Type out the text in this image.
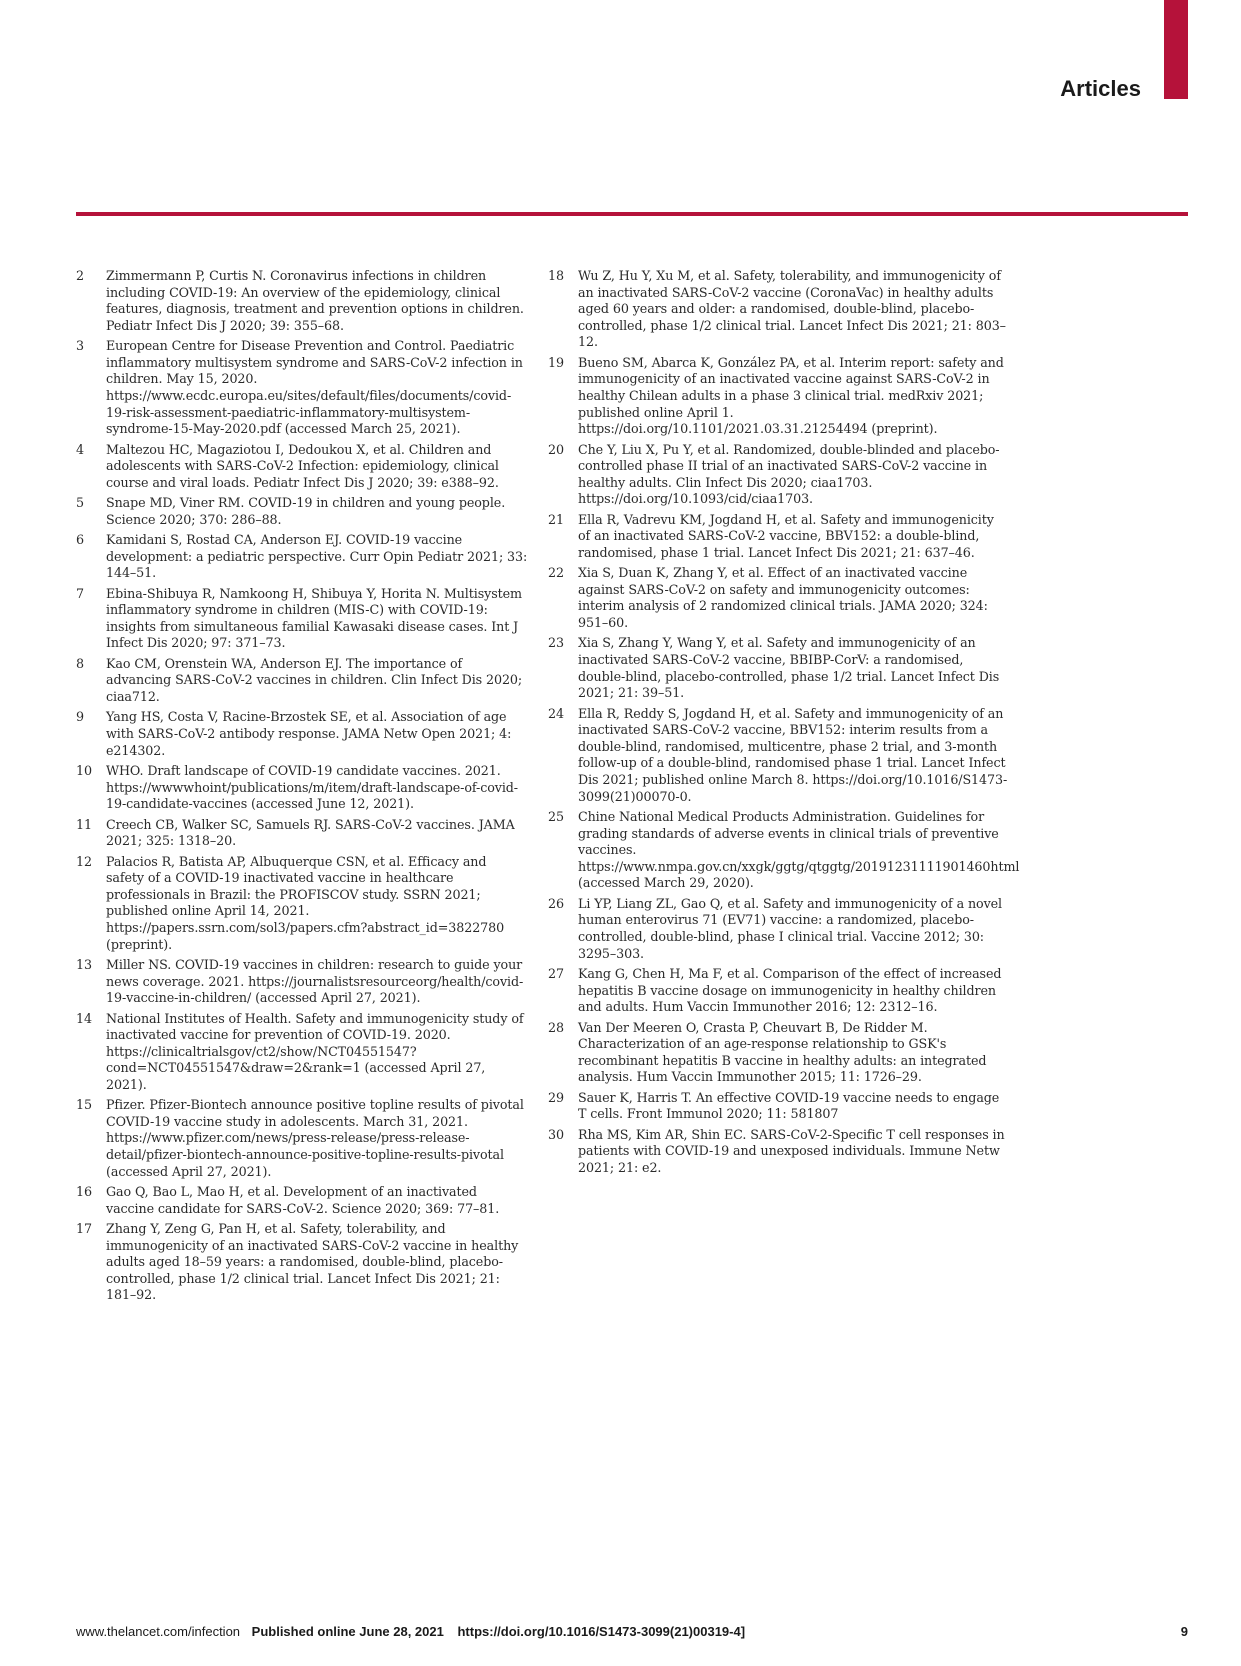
Articles
2 Zimmermann P, Curtis N. Coronavirus infections in children including COVID-19: An overview of the epidemiology, clinical features, diagnosis, treatment and prevention options in children. Pediatr Infect Dis J 2020; 39: 355–68.
3 European Centre for Disease Prevention and Control. Paediatric inflammatory multisystem syndrome and SARS-CoV-2 infection in children. May 15, 2020. https://www.ecdc.europa.eu/sites/default/files/documents/covid-19-risk-assessment-paediatric-inflammatory-multisystem-syndrome-15-May-2020.pdf (accessed March 25, 2021).
4 Maltezou HC, Magaziotou I, Dedoukou X, et al. Children and adolescents with SARS-CoV-2 Infection: epidemiology, clinical course and viral loads. Pediatr Infect Dis J 2020; 39: e388–92.
5 Snape MD, Viner RM. COVID-19 in children and young people. Science 2020; 370: 286–88.
6 Kamidani S, Rostad CA, Anderson EJ. COVID-19 vaccine development: a pediatric perspective. Curr Opin Pediatr 2021; 33: 144–51.
7 Ebina-Shibuya R, Namkoong H, Shibuya Y, Horita N. Multisystem inflammatory syndrome in children (MIS-C) with COVID-19: insights from simultaneous familial Kawasaki disease cases. Int J Infect Dis 2020; 97: 371–73.
8 Kao CM, Orenstein WA, Anderson EJ. The importance of advancing SARS-CoV-2 vaccines in children. Clin Infect Dis 2020; ciaa712.
9 Yang HS, Costa V, Racine-Brzostek SE, et al. Association of age with SARS-CoV-2 antibody response. JAMA Netw Open 2021; 4: e214302.
10 WHO. Draft landscape of COVID-19 candidate vaccines. 2021. https://wwwwhoint/publications/m/item/draft-landscape-of-covid-19-candidate-vaccines (accessed June 12, 2021).
11 Creech CB, Walker SC, Samuels RJ. SARS-CoV-2 vaccines. JAMA 2021; 325: 1318–20.
12 Palacios R, Batista AP, Albuquerque CSN, et al. Efficacy and safety of a COVID-19 inactivated vaccine in healthcare professionals in Brazil: the PROFISCOV study. SSRN 2021; published online April 14, 2021. https://papers.ssrn.com/sol3/papers.cfm?abstract_id=3822780 (preprint).
13 Miller NS. COVID-19 vaccines in children: research to guide your news coverage. 2021. https://journalistsresourceorg/health/covid-19-vaccine-in-children/ (accessed April 27, 2021).
14 National Institutes of Health. Safety and immunogenicity study of inactivated vaccine for prevention of COVID-19. 2020. https://clinicaltrialsgov/ct2/show/NCT04551547?cond=NCT04551547&draw=2&rank=1 (accessed April 27, 2021).
15 Pfizer. Pfizer-Biontech announce positive topline results of pivotal COVID-19 vaccine study in adolescents. March 31, 2021. https://www.pfizer.com/news/press-release/press-release-detail/pfizer-biontech-announce-positive-topline-results-pivotal (accessed April 27, 2021).
16 Gao Q, Bao L, Mao H, et al. Development of an inactivated vaccine candidate for SARS-CoV-2. Science 2020; 369: 77–81.
17 Zhang Y, Zeng G, Pan H, et al. Safety, tolerability, and immunogenicity of an inactivated SARS-CoV-2 vaccine in healthy adults aged 18–59 years: a randomised, double-blind, placebo-controlled, phase 1/2 clinical trial. Lancet Infect Dis 2021; 21: 181–92.
18 Wu Z, Hu Y, Xu M, et al. Safety, tolerability, and immunogenicity of an inactivated SARS-CoV-2 vaccine (CoronaVac) in healthy adults aged 60 years and older: a randomised, double-blind, placebo-controlled, phase 1/2 clinical trial. Lancet Infect Dis 2021; 21: 803–12.
19 Bueno SM, Abarca K, González PA, et al. Interim report: safety and immunogenicity of an inactivated vaccine against SARS-CoV-2 in healthy Chilean adults in a phase 3 clinical trial. medRxiv 2021; published online April 1. https://doi.org/10.1101/2021.03.31.21254494 (preprint).
20 Che Y, Liu X, Pu Y, et al. Randomized, double-blinded and placebo-controlled phase II trial of an inactivated SARS-CoV-2 vaccine in healthy adults. Clin Infect Dis 2020; ciaa1703. https://doi.org/10.1093/cid/ciaa1703.
21 Ella R, Vadrevu KM, Jogdand H, et al. Safety and immunogenicity of an inactivated SARS-CoV-2 vaccine, BBV152: a double-blind, randomised, phase 1 trial. Lancet Infect Dis 2021; 21: 637–46.
22 Xia S, Duan K, Zhang Y, et al. Effect of an inactivated vaccine against SARS-CoV-2 on safety and immunogenicity outcomes: interim analysis of 2 randomized clinical trials. JAMA 2020; 324: 951–60.
23 Xia S, Zhang Y, Wang Y, et al. Safety and immunogenicity of an inactivated SARS-CoV-2 vaccine, BBIBP-CorV: a randomised, double-blind, placebo-controlled, phase 1/2 trial. Lancet Infect Dis 2021; 21: 39–51.
24 Ella R, Reddy S, Jogdand H, et al. Safety and immunogenicity of an inactivated SARS-CoV-2 vaccine, BBV152: interim results from a double-blind, randomised, multicentre, phase 2 trial, and 3-month follow-up of a double-blind, randomised phase 1 trial. Lancet Infect Dis 2021; published online March 8. https://doi.org/10.1016/S1473-3099(21)00070-0.
25 Chine National Medical Products Administration. Guidelines for grading standards of adverse events in clinical trials of preventive vaccines. https://www.nmpa.gov.cn/xxgk/ggtg/qtggtg/20191231111901460html (accessed March 29, 2020).
26 Li YP, Liang ZL, Gao Q, et al. Safety and immunogenicity of a novel human enterovirus 71 (EV71) vaccine: a randomized, placebo-controlled, double-blind, phase I clinical trial. Vaccine 2012; 30: 3295–303.
27 Kang G, Chen H, Ma F, et al. Comparison of the effect of increased hepatitis B vaccine dosage on immunogenicity in healthy children and adults. Hum Vaccin Immunother 2016; 12: 2312–16.
28 Van Der Meeren O, Crasta P, Cheuvart B, De Ridder M. Characterization of an age-response relationship to GSK's recombinant hepatitis B vaccine in healthy adults: an integrated analysis. Hum Vaccin Immunother 2015; 11: 1726–29.
29 Sauer K, Harris T. An effective COVID-19 vaccine needs to engage T cells. Front Immunol 2020; 11: 581807
30 Rha MS, Kim AR, Shin EC. SARS-CoV-2-Specific T cell responses in patients with COVID-19 and unexposed individuals. Immune Netw 2021; 21: e2.
www.thelancet.com/infection Published online June 28, 2021 https://doi.org/10.1016/S1473-3099(21)00319-4]	9
